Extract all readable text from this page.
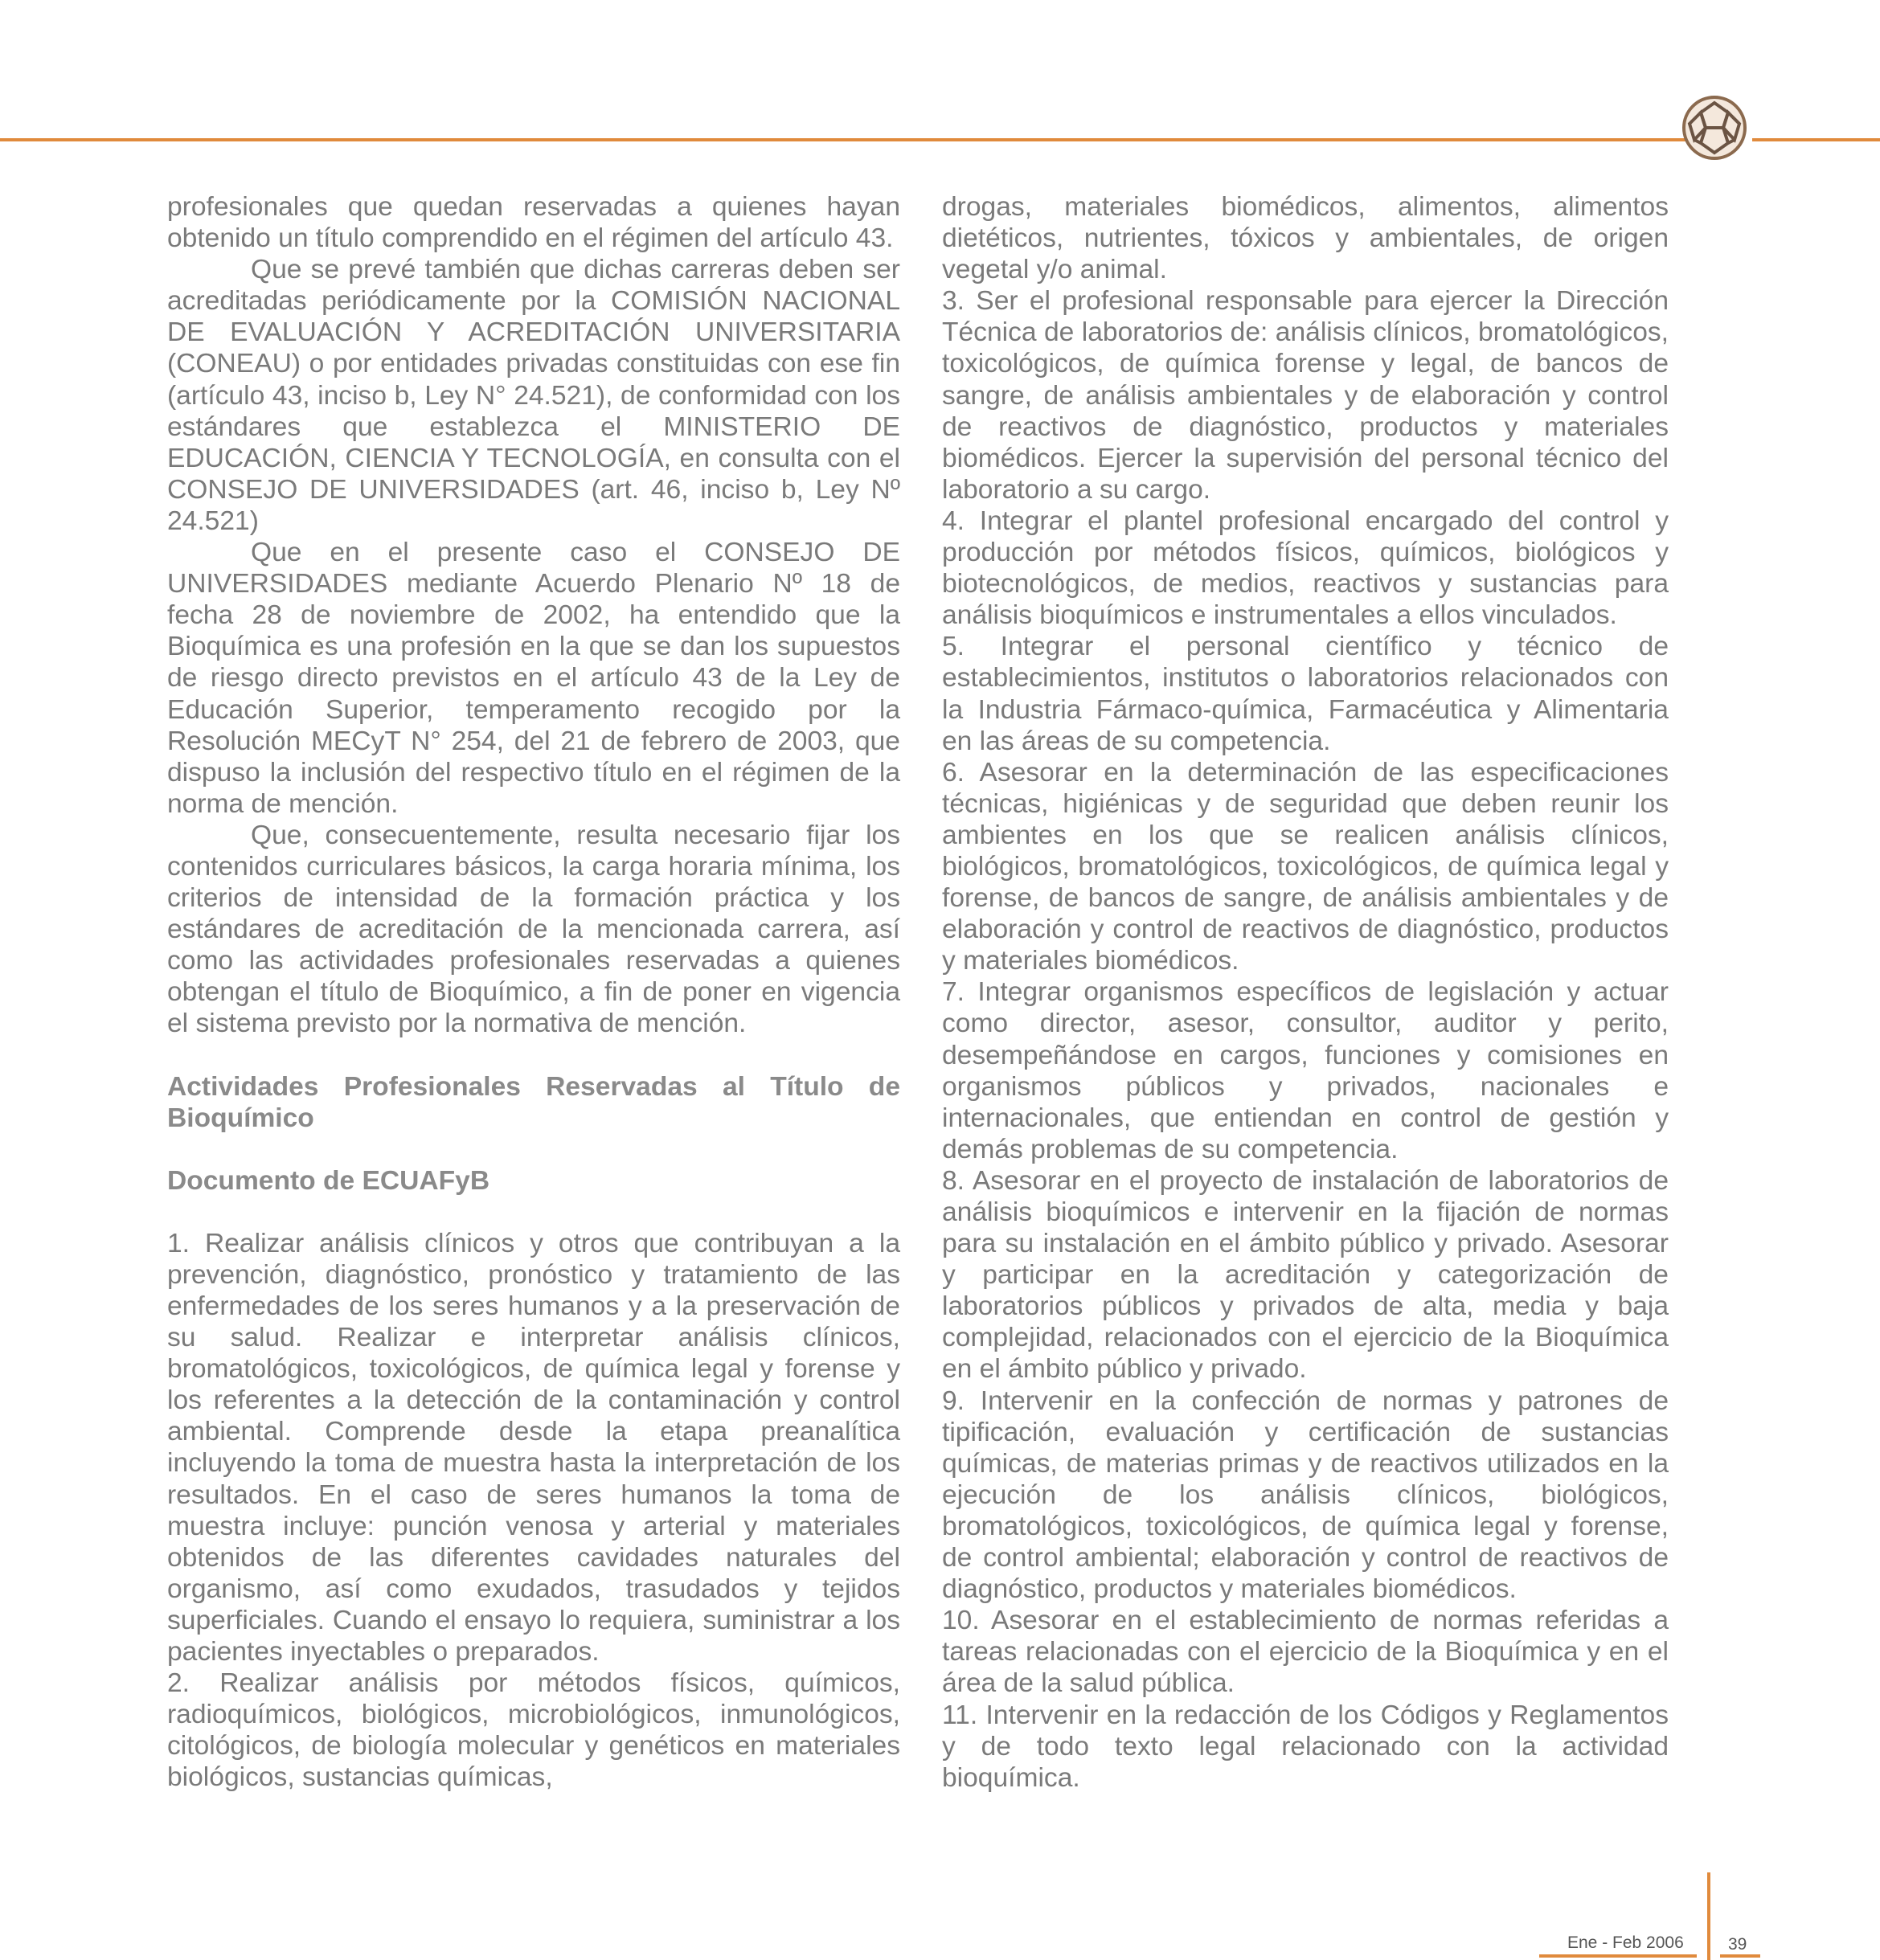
profesionales que quedan reservadas a quienes hayan obtenido un título comprendido en el régimen del artículo 43.

Que se prevé también que dichas carreras deben ser acreditadas periódicamente por la COMISIÓN NACIONAL DE EVALUACIÓN Y ACREDITACIÓN UNIVERSITARIA (CONEAU) o por entidades privadas constituidas con ese fin (artículo 43, inciso b, Ley N° 24.521), de conformidad con los estándares que establezca el MINISTERIO DE EDUCACIÓN, CIENCIA Y TECNOLOGÍA, en consulta con el CONSEJO DE UNIVERSIDADES (art. 46, inciso b, Ley Nº 24.521)

Que en el presente caso el CONSEJO DE UNIVERSIDADES mediante Acuerdo Plenario Nº 18 de fecha 28 de noviembre de 2002, ha entendido que la Bioquímica es una profesión en la que se dan los supuestos de riesgo directo previstos en el artículo 43 de la Ley de Educación Superior, temperamento recogido por la Resolución MECyT N° 254, del 21 de febrero de 2003, que dispuso la inclusión del respectivo título en el régimen de la norma de mención.

Que, consecuentemente, resulta necesario fijar los contenidos curriculares básicos, la carga horaria mínima, los criterios de intensidad de la formación práctica y los estándares de acreditación de la mencionada carrera, así como las actividades profesionales reservadas a quienes obtengan el título de Bioquímico, a fin de poner en vigencia el sistema previsto por la normativa de mención.

Actividades Profesionales Reservadas al Título de Bioquímico

Documento de ECUAFyB

1. Realizar análisis clínicos y otros que contribuyan a la prevención, diagnóstico, pronóstico y tratamiento de las enfermedades de los seres humanos y a la preservación de su salud. Realizar e interpretar análisis clínicos, bromatológicos, toxicológicos, de química legal y forense y los referentes a la detección de la contaminación y control ambiental. Comprende desde la etapa preanalítica incluyendo la toma de muestra hasta la interpretación de los resultados. En el caso de seres humanos la toma de muestra incluye: punción venosa y arterial y materiales obtenidos de las diferentes cavidades naturales del organismo, así como exudados, trasudados y tejidos superficiales. Cuando el ensayo lo requiera, suministrar a los pacientes inyectables o preparados.

2. Realizar análisis por métodos físicos, químicos, radioquímicos, biológicos, microbiológicos, inmunológicos, citológicos, de biología molecular y genéticos en materiales biológicos, sustancias químicas,

drogas, materiales biomédicos, alimentos, alimentos dietéticos, nutrientes, tóxicos y ambientales, de origen vegetal y/o animal.

3. Ser el profesional responsable para ejercer la Dirección Técnica de laboratorios de: análisis clínicos, bromatológicos, toxicológicos, de química forense y legal, de bancos de sangre, de análisis ambientales y de elaboración y control de reactivos de diagnóstico, productos y materiales biomédicos. Ejercer la supervisión del personal técnico del laboratorio a su cargo.

4. Integrar el plantel profesional encargado del control y producción por métodos físicos, químicos, biológicos y biotecnológicos, de medios, reactivos y sustancias para análisis bioquímicos e instrumentales a ellos vinculados.

5. Integrar el personal científico y técnico de establecimientos, institutos o laboratorios relacionados con la Industria Fármaco-química, Farmacéutica y Alimentaria en las áreas de su competencia.

6. Asesorar en la determinación de las especificaciones técnicas, higiénicas y de seguridad que deben reunir los ambientes en los que se realicen análisis clínicos, biológicos, bromatológicos, toxicológicos, de química legal y forense, de bancos de sangre, de análisis ambientales y de elaboración y control de reactivos de diagnóstico, productos y materiales biomédicos.

7. Integrar organismos específicos de legislación y actuar como director, asesor, consultor, auditor y perito, desempeñándose en cargos, funciones y comisiones en organismos públicos y privados, nacionales e internacionales, que entiendan en control de gestión y demás problemas de su competencia.

8. Asesorar en el proyecto de instalación de laboratorios de análisis bioquímicos e intervenir en la fijación de normas para su instalación en el ámbito público y privado. Asesorar y participar en la acreditación y categorización de laboratorios públicos y privados de alta, media y baja complejidad, relacionados con el ejercicio de la Bioquímica en el ámbito público y privado.

9. Intervenir en la confección de normas y patrones de tipificación, evaluación y certificación de sustancias químicas, de materias primas y de reactivos utilizados en la ejecución de los análisis clínicos, biológicos, bromatológicos, toxicológicos, de química legal y forense, de control ambiental; elaboración y control de reactivos de diagnóstico, productos y materiales biomédicos.

10. Asesorar en el establecimiento de normas referidas a tareas relacionadas con el ejercicio de la Bioquímica y en el área de la salud pública.

11. Intervenir en la redacción de los Códigos y Reglamentos y de todo texto legal relacionado con la actividad bioquímica.

Ene - Feb 2006	39
